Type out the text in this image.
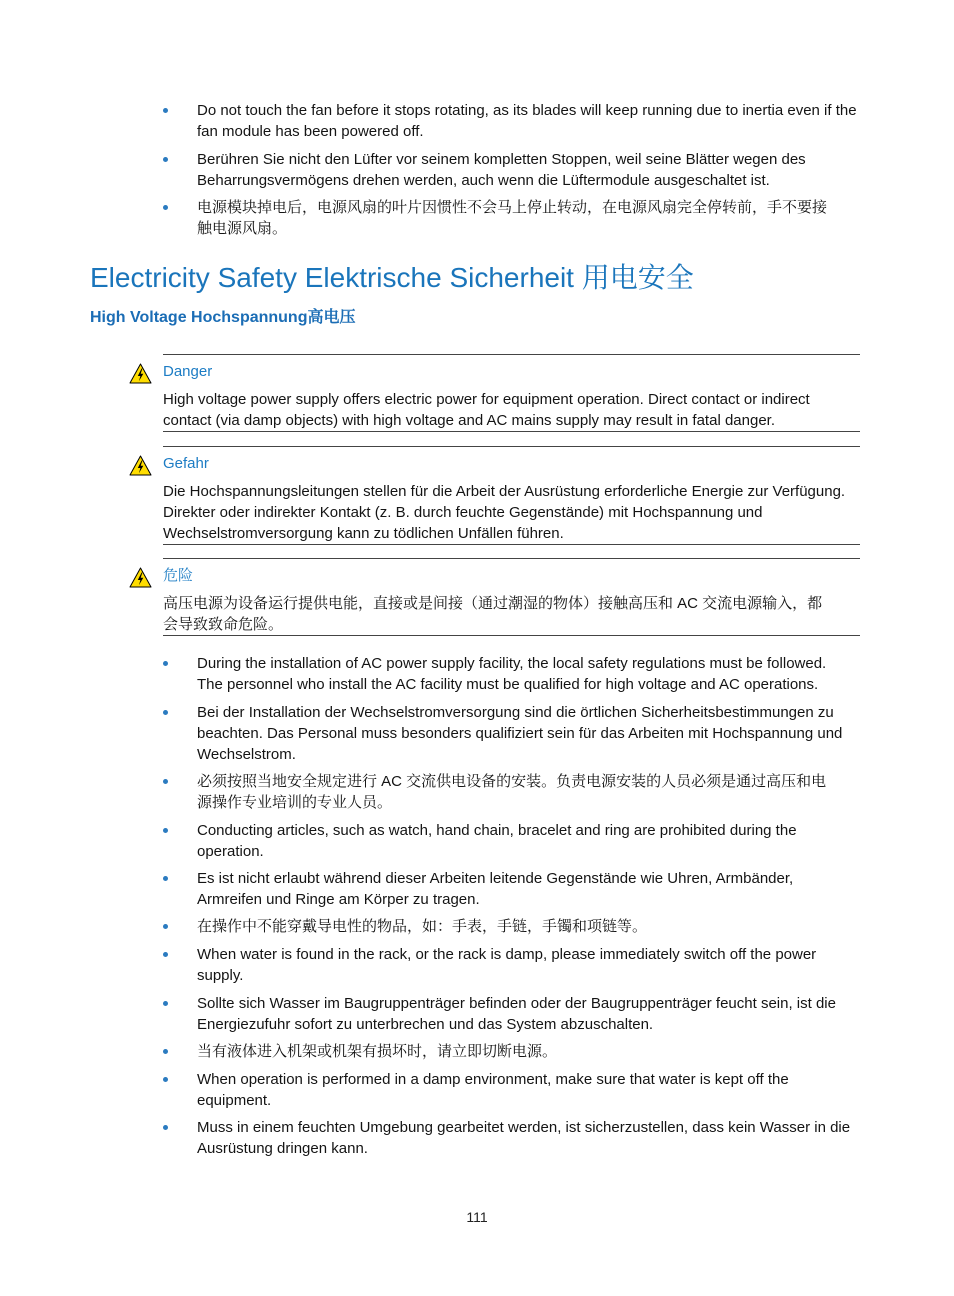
Do not touch the fan before it stops rotating, as its blades will keep running due to inertia even if the
fan module has been powered off.
Berühren Sie nicht den Lüfter vor seinem kompletten Stoppen, weil seine Blätter wegen des
Beharrungsvermögens drehen werden, auch wenn die Lüftermodule ausgeschaltet ist.
电源模块掉电后，电源风扇的叶片因惯性不会马上停止转动，在电源风扇完全停转前，手不要接
触电源风扇。
Electricity Safety Elektrische Sicherheit 用电安全
High Voltage Hochspannung高电压
Danger
High voltage power supply offers electric power for equipment operation. Direct contact or indirect
contact (via damp objects) with high voltage and AC mains supply may result in fatal danger.
Gefahr
Die Hochspannungsleitungen stellen für die Arbeit der Ausrüstung erforderliche Energie zur Verfügung.
Direkter oder indirekter Kontakt (z. B. durch feuchte Gegenstände) mit Hochspannung und
Wechselstromversorgung kann zu tödlichen Unfällen führen.
危险
高压电源为设备运行提供电能，直接或是间接（通过潮湿的物体）接触高压和 AC 交流电源输入，都
会导致致命危险。
During the installation of AC power supply facility, the local safety regulations must be followed.
The personnel who install the AC facility must be qualified for high voltage and AC operations.
Bei der Installation der Wechselstromversorgung sind die örtlichen Sicherheitsbestimmungen zu
beachten. Das Personal muss besonders qualifiziert sein für das Arbeiten mit Hochspannung und
Wechselstrom.
必须按照当地安全规定进行 AC 交流供电设备的安装。负责电源安装的人员必须是通过高压和电
源操作专业培训的专业人员。
Conducting articles, such as watch, hand chain, bracelet and ring are prohibited during the
operation.
Es ist nicht erlaubt während dieser Arbeiten leitende Gegenstände wie Uhren, Armbänder,
Armreifen und Ringe am Körper zu tragen.
在操作中不能穿戴导电性的物品，如：手表，手链，手镯和项链等。
When water is found in the rack, or the rack is damp, please immediately switch off the power
supply.
Sollte sich Wasser im Baugruppenträger befinden oder der Baugruppenträger feucht sein, ist die
Energiezufuhr sofort zu unterbrechen und das System abzuschalten.
当有液体进入机架或机架有损坏时，请立即切断电源。
When operation is performed in a damp environment, make sure that water is kept off the
equipment.
Muss in einem feuchten Umgebung gearbeitet werden, ist sicherzustellen, dass kein Wasser in die
Ausrüstung dringen kann.
111
